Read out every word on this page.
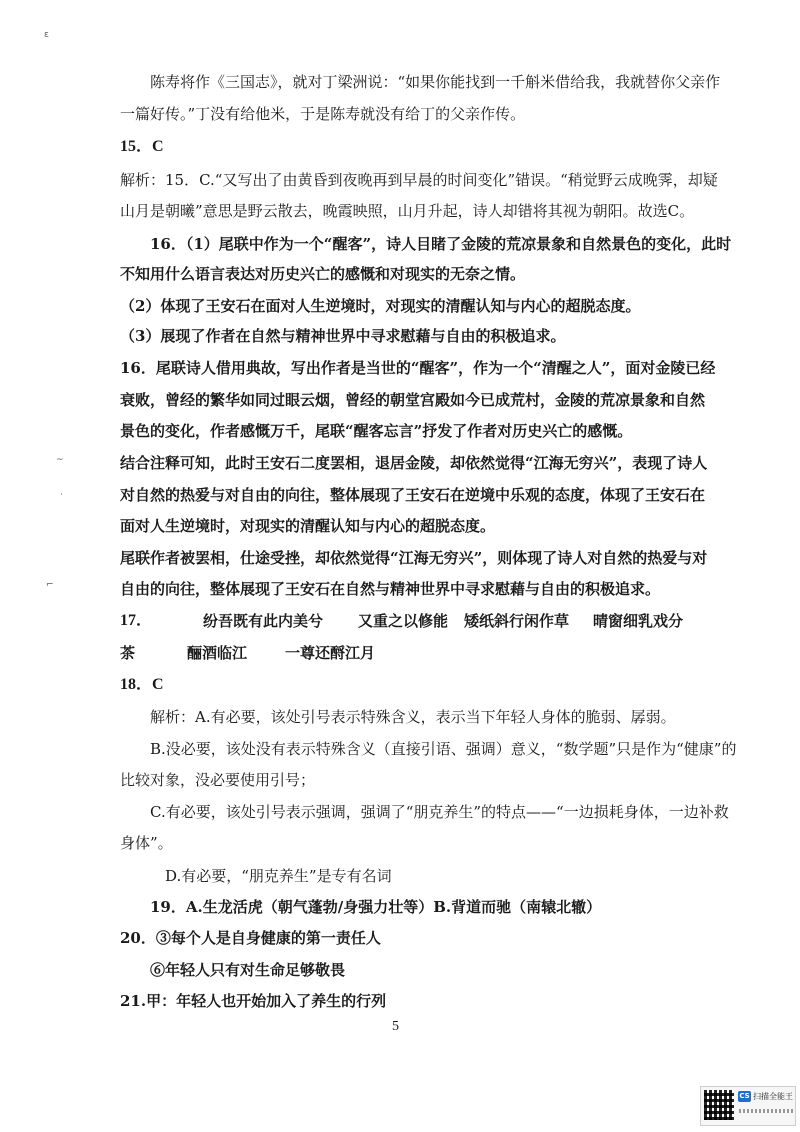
ɛ
~
·
⌐
陈寿将作《三国志》，就对丁梁洲说：“如果你能找到一千斛米借给我，我就替你父亲作
一篇好传。”丁没有给他米，于是陈寿就没有给丁的父亲作传。
15．C
解析：15．C.“又写出了由黄昏到夜晚再到早晨的时间变化”错误。“稍觉野云成晚霁，却疑
山月是朝曦”意思是野云散去，晚霞映照，山月升起，诗人却错将其视为朝阳。故选C。
16．（1）尾联中作为一个“醒客”，诗人目睹了金陵的荒凉景象和自然景色的变化，此时
不知用什么语言表达对历史兴亡的感慨和对现实的无奈之情。
（2）体现了王安石在面对人生逆境时，对现实的清醒认知与内心的超脱态度。
（3）展现了作者在自然与精神世界中寻求慰藉与自由的积极追求。
16．尾联诗人借用典故，写出作者是当世的“醒客”，作为一个“清醒之人”，面对金陵已经
衰败，曾经的繁华如同过眼云烟，曾经的朝堂宫殿如今已成荒村，金陵的荒凉景象和自然
景色的变化，作者感慨万千，尾联“醒客忘言”抒发了作者对历史兴亡的感慨。
结合注释可知，此时王安石二度罢相，退居金陵，却依然觉得“江海无穷兴”，表现了诗人
对自然的热爱与对自由的向往，整体展现了王安石在逆境中乐观的态度，体现了王安石在
面对人生逆境时，对现实的清醒认知与内心的超脱态度。
尾联作者被罢相，仕途受挫，却依然觉得“江海无穷兴”，则体现了诗人对自然的热爱与对
自由的向往，整体展现了王安石在自然与精神世界中寻求慰藉与自由的积极追求。
17．	纷吾既有此内美兮 又重之以修能 矮纸斜行闲作草 晴窗细乳戏分
茶	酾酒临江	一尊还酹江月
18．C
解析：A.有必要，该处引号表示特殊含义，表示当下年轻人身体的脆弱、孱弱。
B.没必要，该处没有表示特殊含义（直接引语、强调）意义，“数学题”只是作为“健康”的
比较对象，没必要使用引号；
C.有必要，该处引号表示强调，强调了“朋克养生”的特点——“一边损耗身体，一边补救
身体”。
D.有必要，“朋克养生”是专有名词
19．A.生龙活虎（朝气蓬勃/身强力壮等）B.背道而驰（南辕北辙）
20．③每个人是自身健康的第一责任人
⑥年轻人只有对生命足够敬畏
21.甲：年轻人也开始加入了养生的行列
5
CS 扫描全能王
